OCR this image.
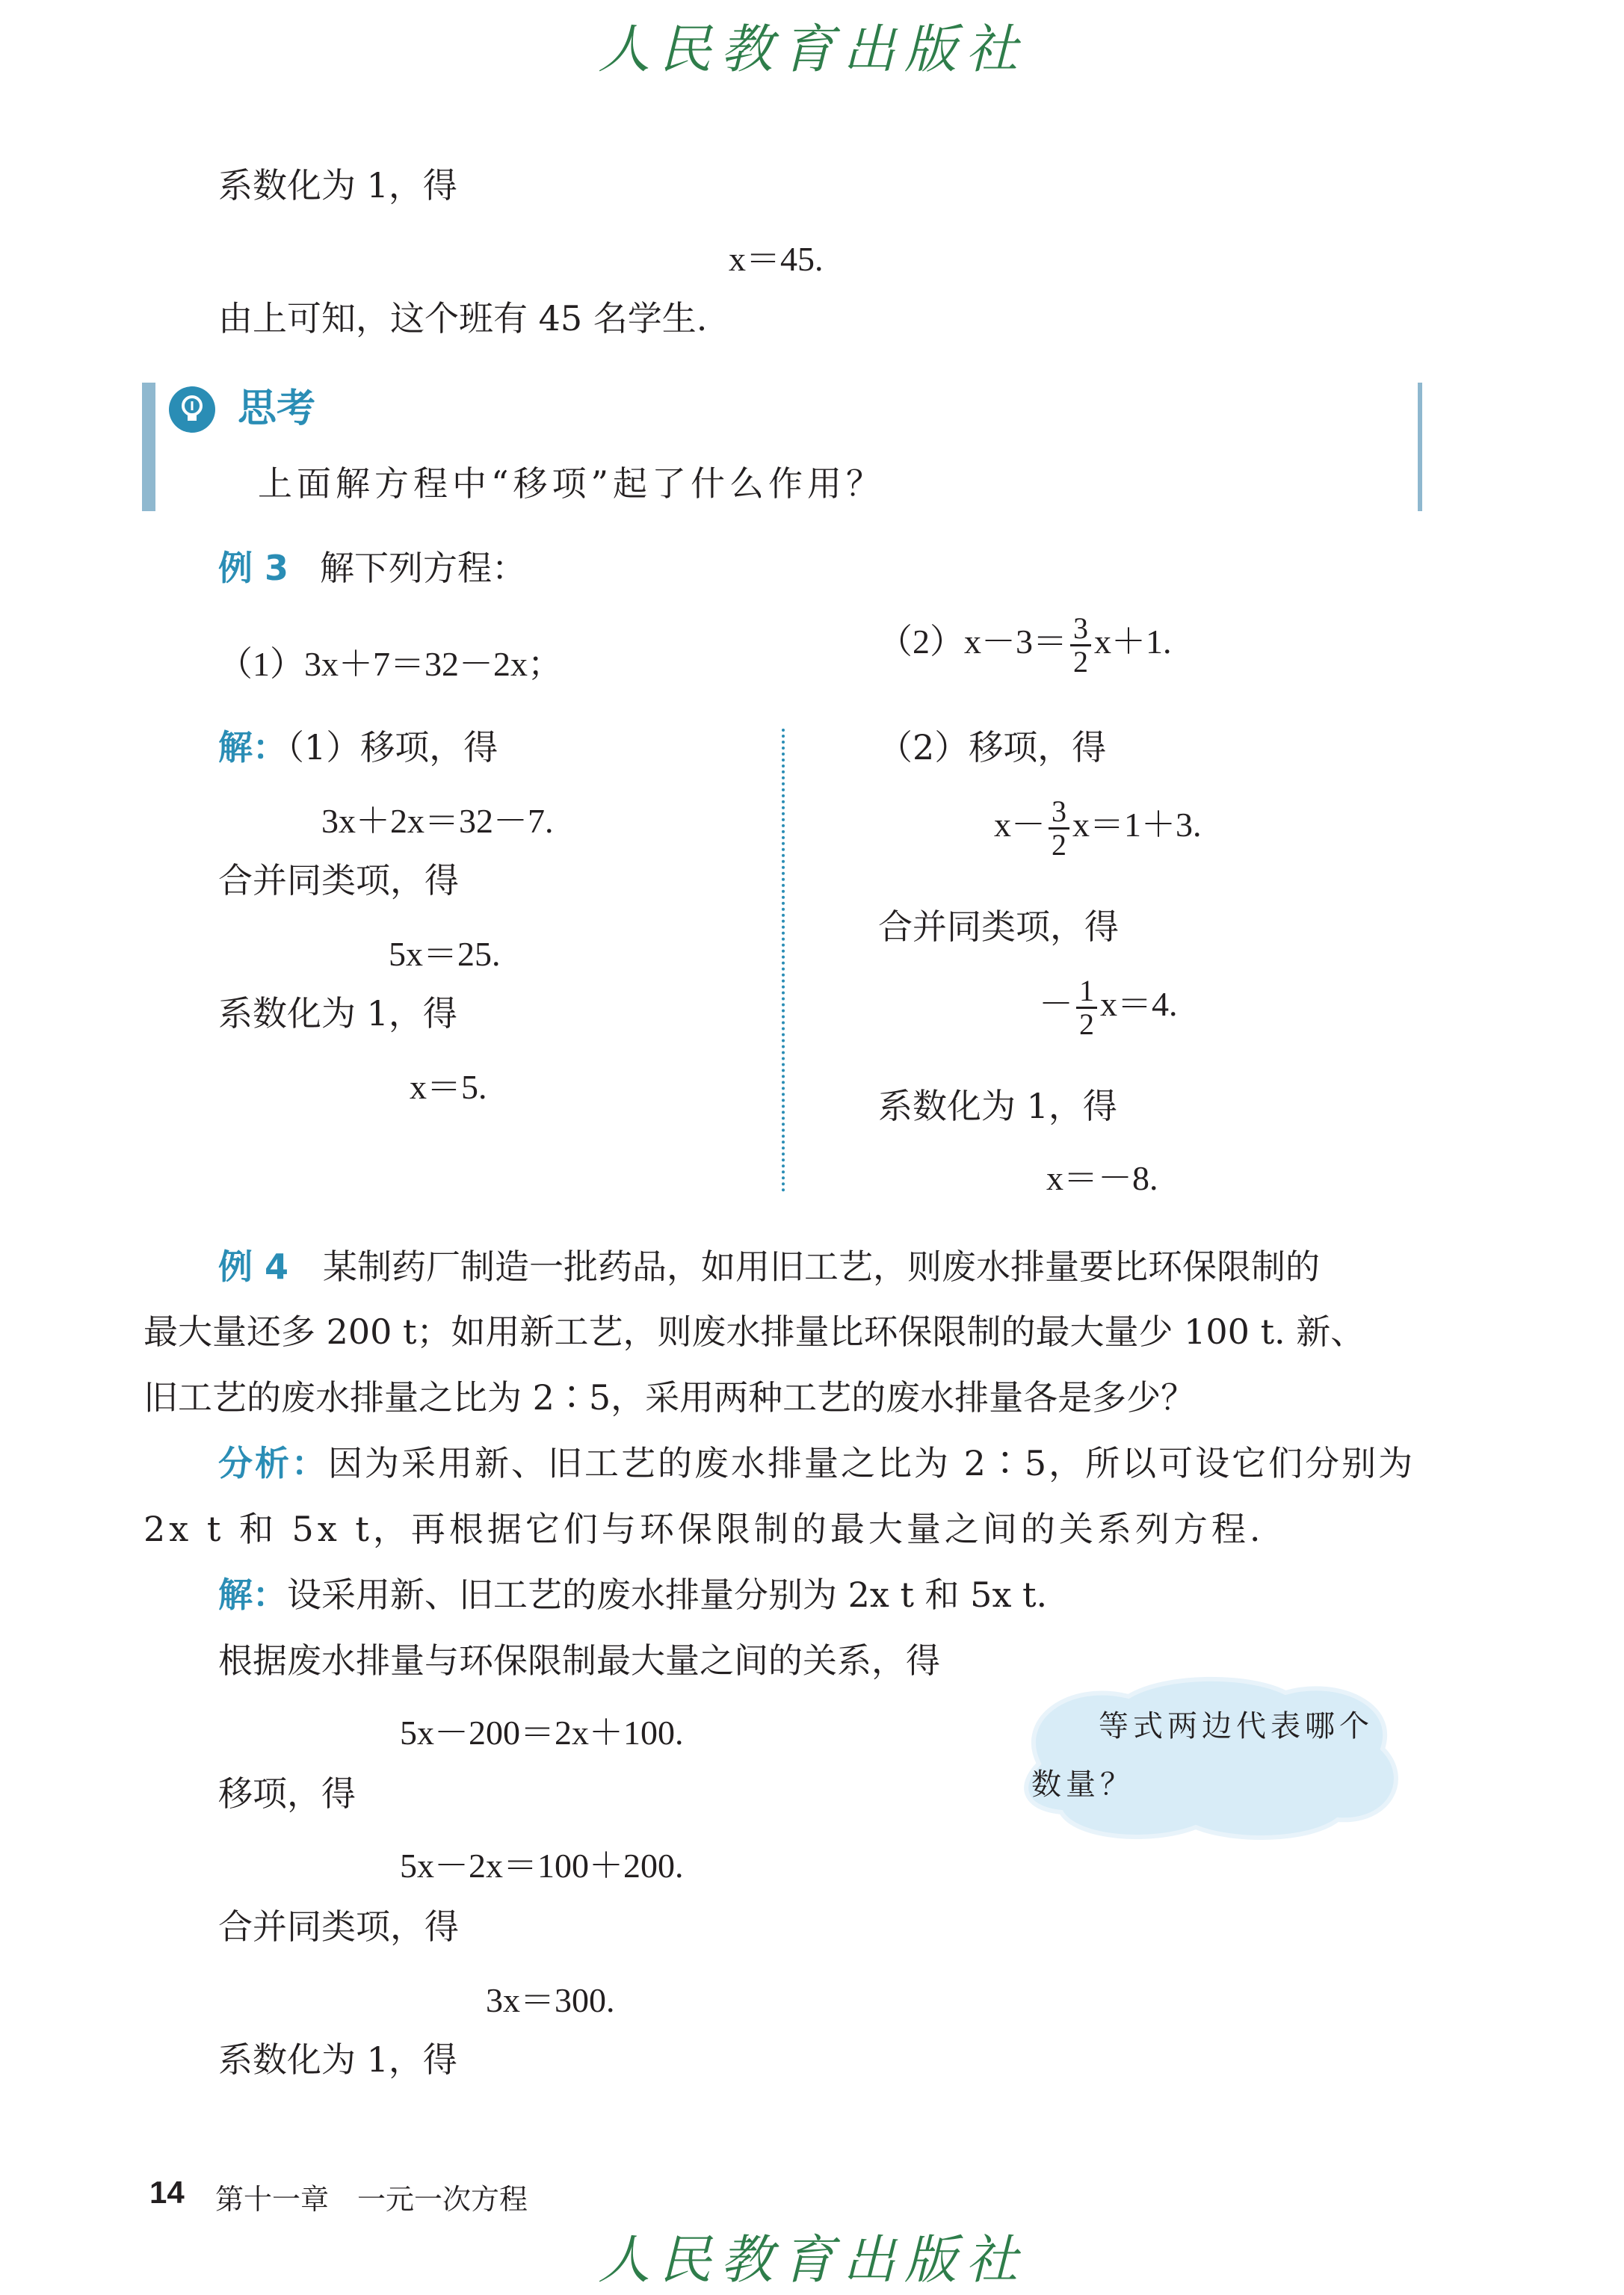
人民教育出版社
系数化为 1，得
x＝45.
由上可知，这个班有 45 名学生.
思考
上面解方程中“移项”起了什么作用？
例 3 解下列方程：
（1）3x＋7＝32－2x；
$(2)x-3= \frac{3}{2} x+1$.
解：（1）移项，得
3x＋2x＝32－7.
合并同类项，得
5x＝25.
系数化为 1，得
x＝5.
（2）移项，得
$x- \frac{3}{2} x=1+3$.
合并同类项，得
－ $\frac{1}{2} x=4$.
系数化为 1，得
x＝－8.
例 4　 某制药厂制造一批药品，如用旧工艺，则废水排量要比环保限制的
最大量还多 200 t；如用新工艺，则废水排量比环保限制的最大量少 100 t. 新、
旧工艺的废水排量之比为 2∶5，采用两种工艺的废水排量各是多少？
分析：因为采用新、旧工艺的废水排量之比为 2∶5，所以可设它们分别为
2x t 和 5x t，再根据它们与环保限制的最大量之间的关系列方程.
解：设采用新、旧工艺的废水排量分别为 2x t 和 5x t.
根据废水排量与环保限制最大量之间的关系，得
5x－200＝2x＋100.
移项，得
5x－2x＝100＋200.
合并同类项，得
3x＝300.
系数化为 1，得
等式两边代表哪个
数量？
14 第十一章　一元一次方程
人民教育出版社
